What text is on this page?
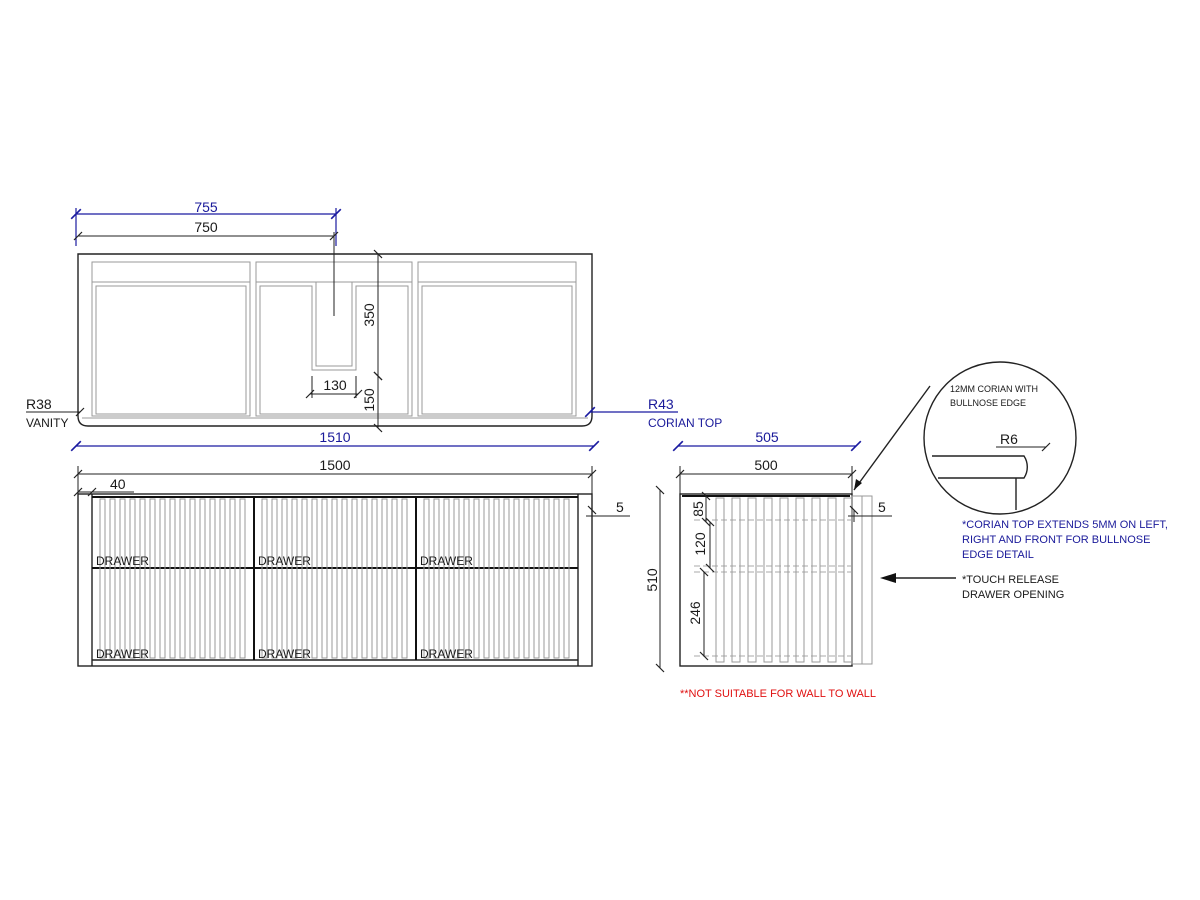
755
750
350
150
130
R38
VANITY
R43
CORIAN TOP
1510
1500
40
5
DRAWER	DRAWER	DRAWER
DRAWER	DRAWER	DRAWER
505
500
510
85
120
246
5
R6
12MM CORIAN WITH
BULLNOSE EDGE
*CORIAN TOP EXTENDS 5MM ON LEFT,
RIGHT AND FRONT FOR BULLNOSE
EDGE DETAIL
*TOUCH RELEASE
DRAWER OPENING
**NOT SUITABLE FOR WALL TO WALL
